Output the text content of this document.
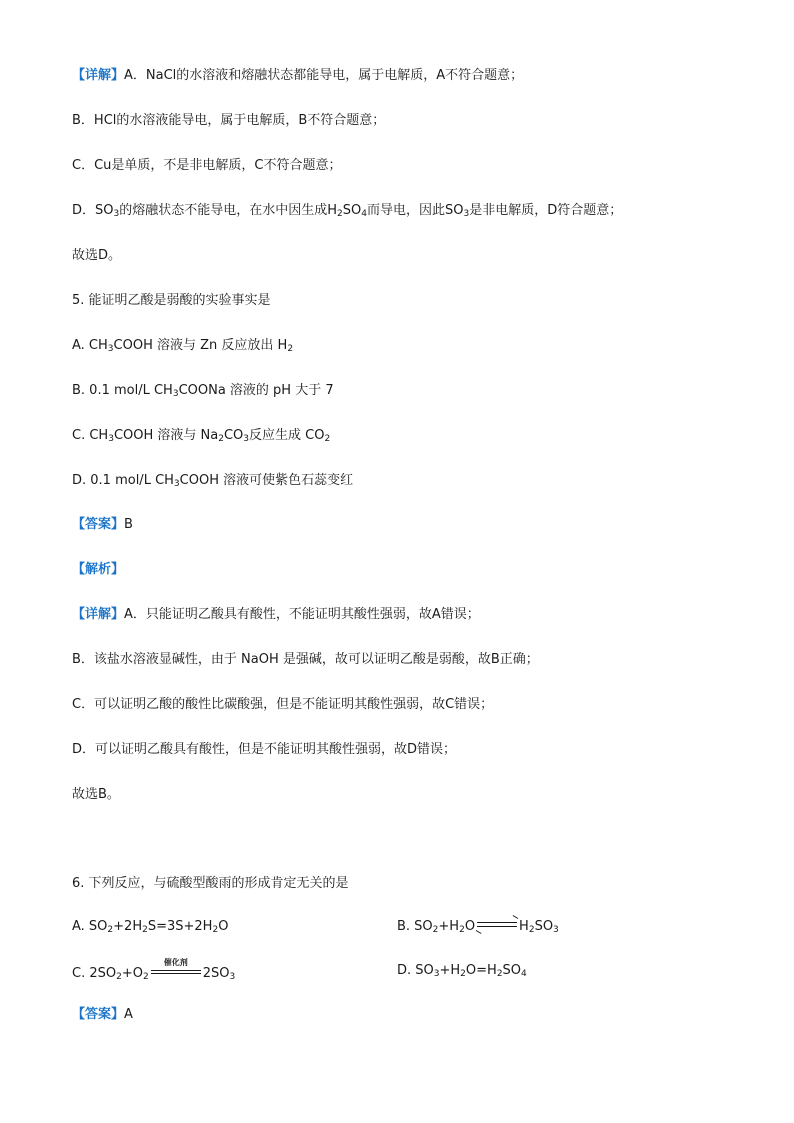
【详解】A．NaCl的水溶液和熔融状态都能导电，属于电解质，A不符合题意；
B．HCl的水溶液能导电，属于电解质，B不符合题意；
C．Cu是单质，不是非电解质，C不符合题意；
D．$SO_3$的熔融状态不能导电，在水中因生成$H_2SO_4$而导电，因此$SO_3$是非电解质，D符合题意；
故选D。
5. 能证明乙酸是弱酸的实验事实是
A. $CH_3COOH$ 溶液与 Zn 反应放出 $H_2$
B. 0.1 mol/L $CH_3COONa$ 溶液的 pH 大于 7
C. $CH_3COOH$ 溶液与 $Na_2CO_3$反应生成 $CO_2$
D. 0.1 mol/L $CH_3COOH$ 溶液可使紫色石蕊变红
【答案】B
【解析】
【详解】A．只能证明乙酸具有酸性，不能证明其酸性强弱，故A错误；
B．该盐水溶液显碱性，由于 NaOH 是强碱，故可以证明乙酸是弱酸，故B正确；
C．可以证明乙酸的酸性比碳酸强，但是不能证明其酸性强弱，故C错误；
D．可以证明乙酸具有酸性，但是不能证明其酸性强弱，故D错误；
故选B。
6. 下列反应，与硫酸型酸雨的形成肯定无关的是
A. $SO_2+2H_2S=3S+2H_2O$	B. $SO_2+H_2O$	$H_2SO_3$
C. $2SO_2+O_2$
催化剂
$2SO_3$	D. $SO_3+H_2O=H_2SO_4$
【答案】A
